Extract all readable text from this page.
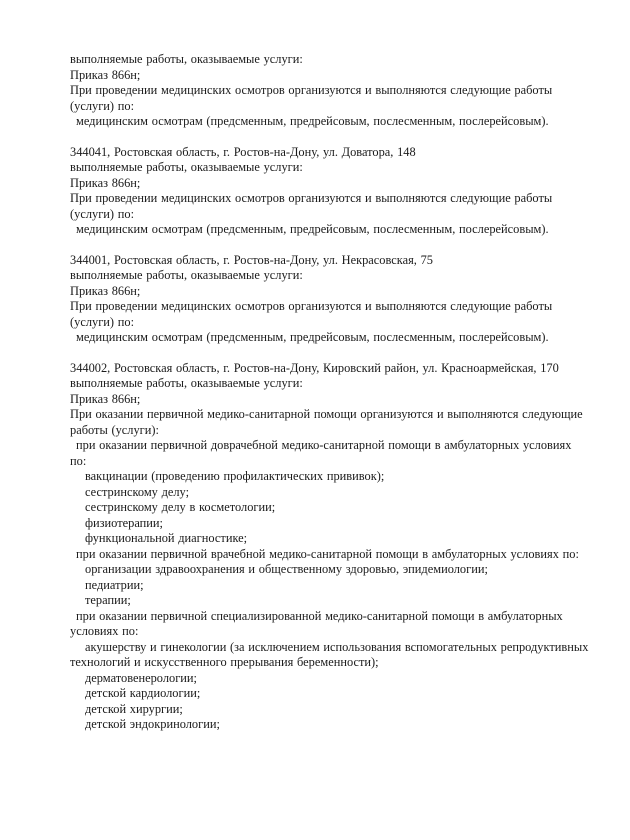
выполняемые работы, оказываемые услуги:
Приказ 866н;
При проведении медицинских осмотров организуются и выполняются следующие работы
(услуги) по:
медицинским осмотрам (предсменным, предрейсовым, послесменным, послерейсовым).
344041, Ростовская область, г. Ростов-на-Дону, ул. Доватора, 148
выполняемые работы, оказываемые услуги:
Приказ 866н;
При проведении медицинских осмотров организуются и выполняются следующие работы
(услуги) по:
медицинским осмотрам (предсменным, предрейсовым, послесменным, послерейсовым).
344001, Ростовская область, г. Ростов-на-Дону, ул. Некрасовская, 75
выполняемые работы, оказываемые услуги:
Приказ 866н;
При проведении медицинских осмотров организуются и выполняются следующие работы
(услуги) по:
медицинским осмотрам (предсменным, предрейсовым, послесменным, послерейсовым).
344002, Ростовская область, г. Ростов-на-Дону, Кировский район, ул. Красноармейская, 170
выполняемые работы, оказываемые услуги:
Приказ 866н;
При оказании первичной медико-санитарной помощи организуются и выполняются следующие
работы (услуги):
при оказании первичной доврачебной медико-санитарной помощи в амбулаторных условиях
по:
вакцинации (проведению профилактических прививок);
сестринскому делу;
сестринскому делу в косметологии;
физиотерапии;
функциональной диагностике;
при оказании первичной врачебной медико-санитарной помощи в амбулаторных условиях по:
организации здравоохранения и общественному здоровью, эпидемиологии;
педиатрии;
терапии;
при оказании первичной специализированной медико-санитарной помощи в амбулаторных
условиях по:
акушерству и гинекологии (за исключением использования вспомогательных репродуктивных
технологий и искусственного прерывания беременности);
дерматовенерологии;
детской кардиологии;
детской хирургии;
детской эндокринологии;
